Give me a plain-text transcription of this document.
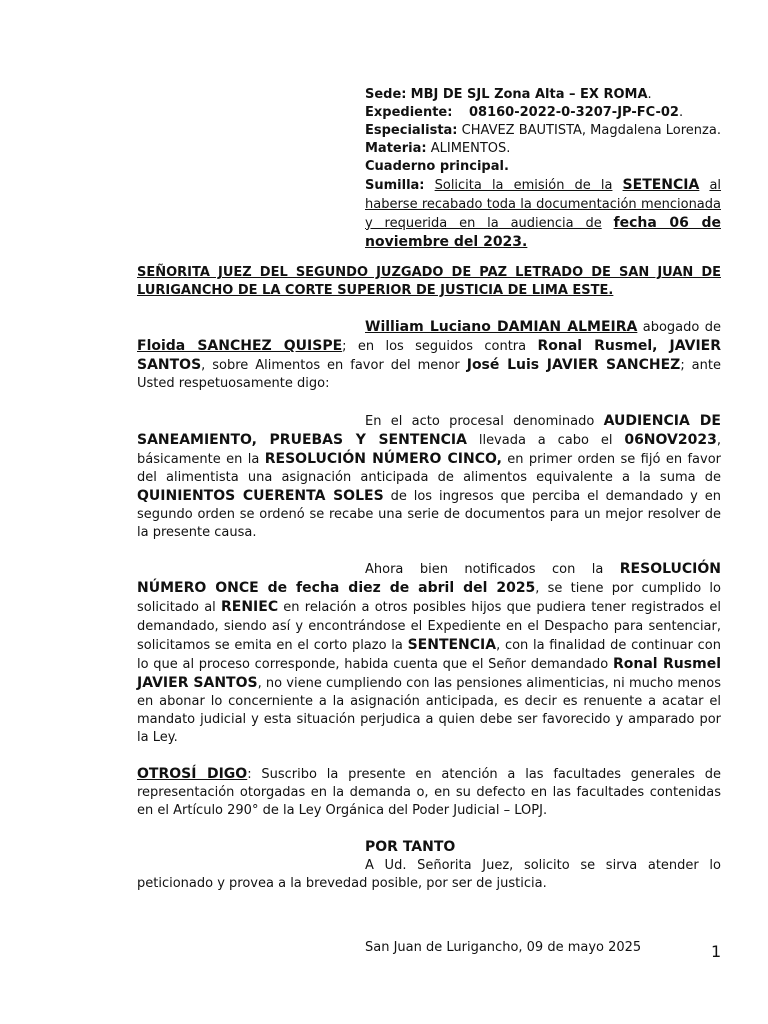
Sede: MBJ DE SJL Zona Alta – EX ROMA.
Expediente: 08160-2022-0-3207-JP-FC-02.
Especialista: CHAVEZ BAUTISTA, Magdalena Lorenza.
Materia: ALIMENTOS.
Cuaderno principal.
Sumilla: Solicita la emisión de la SETENCIA al haberse recabado toda la documentación mencionada y requerida en la audiencia de fecha 06 de noviembre del 2023.

SEÑORITA JUEZ DEL SEGUNDO JUZGADO DE PAZ LETRADO DE SAN JUAN DE LURIGANCHO DE LA CORTE SUPERIOR DE JUSTICIA DE LIMA ESTE.

William Luciano DAMIAN ALMEIRA abogado de Floida SANCHEZ QUISPE; en los seguidos contra Ronal Rusmel, JAVIER SANTOS, sobre Alimentos en favor del menor José Luis JAVIER SANCHEZ; ante Usted respetuosamente digo:

En el acto procesal denominado AUDIENCIA DE SANEAMIENTO, PRUEBAS Y SENTENCIA llevada a cabo el 06NOV2023, básicamente en la RESOLUCIÓN NÚMERO CINCO, en primer orden se fijó en favor del alimentista una asignación anticipada de alimentos equivalente a la suma de QUINIENTOS CUERENTA SOLES de los ingresos que perciba el demandado y en segundo orden se ordenó se recabe una serie de documentos para un mejor resolver de la presente causa.

Ahora bien notificados con la RESOLUCIÓN NÚMERO ONCE de fecha diez de abril del 2025, se tiene por cumplido lo solicitado al RENIEC en relación a otros posibles hijos que pudiera tener registrados el demandado, siendo así y encontrándose el Expediente en el Despacho para sentenciar, solicitamos se emita en el corto plazo la SENTENCIA, con la finalidad de continuar con lo que al proceso corresponde, habida cuenta que el Señor demandado Ronal Rusmel JAVIER SANTOS, no viene cumpliendo con las pensiones alimenticias, ni mucho menos en abonar lo concerniente a la asignación anticipada, es decir es renuente a acatar el mandato judicial y esta situación perjudica a quien debe ser favorecido y amparado por la Ley.

OTROSÍ DIGO: Suscribo la presente en atención a las facultades generales de representación otorgadas en la demanda o, en su defecto en las facultades contenidas en el Artículo 290° de la Ley Orgánica del Poder Judicial – LOPJ.

POR TANTO

A Ud. Señorita Juez, solicito se sirva atender lo peticionado y provea a la brevedad posible, por ser de justicia.

San Juan de Lurigancho, 09 de mayo 2025	1
